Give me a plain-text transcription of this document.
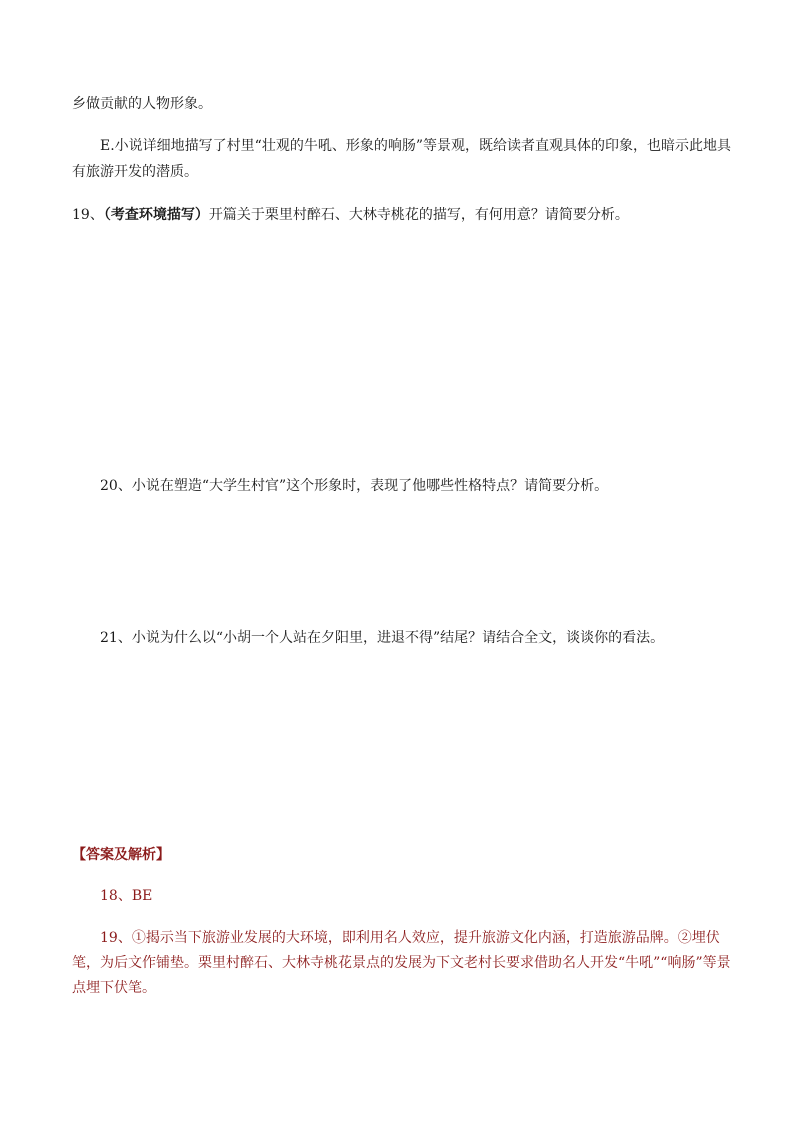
乡做贡献的人物形象。

E.小说详细地描写了村里“壮观的牛吼、形象的响肠”等景观，既给读者直观具体的印象，也暗示此地具

有旅游开发的潜质。

19、（考查环境描写）开篇关于栗里村醉石、大林寺桃花的描写，有何用意？请简要分析。

20、小说在塑造“大学生村官”这个形象时，表现了他哪些性格特点？请简要分析。

21、小说为什么以“小胡一个人站在夕阳里，进退不得”结尾？请结合全文，谈谈你的看法。

【答案及解析】

18、BE

19、①揭示当下旅游业发展的大环境，即利用名人效应，提升旅游文化内涵，打造旅游品牌。②埋伏

笔，为后文作铺垫。栗里村醉石、大林寺桃花景点的发展为下文老村长要求借助名人开发“牛吼”“响肠”等景

点埋下伏笔。
